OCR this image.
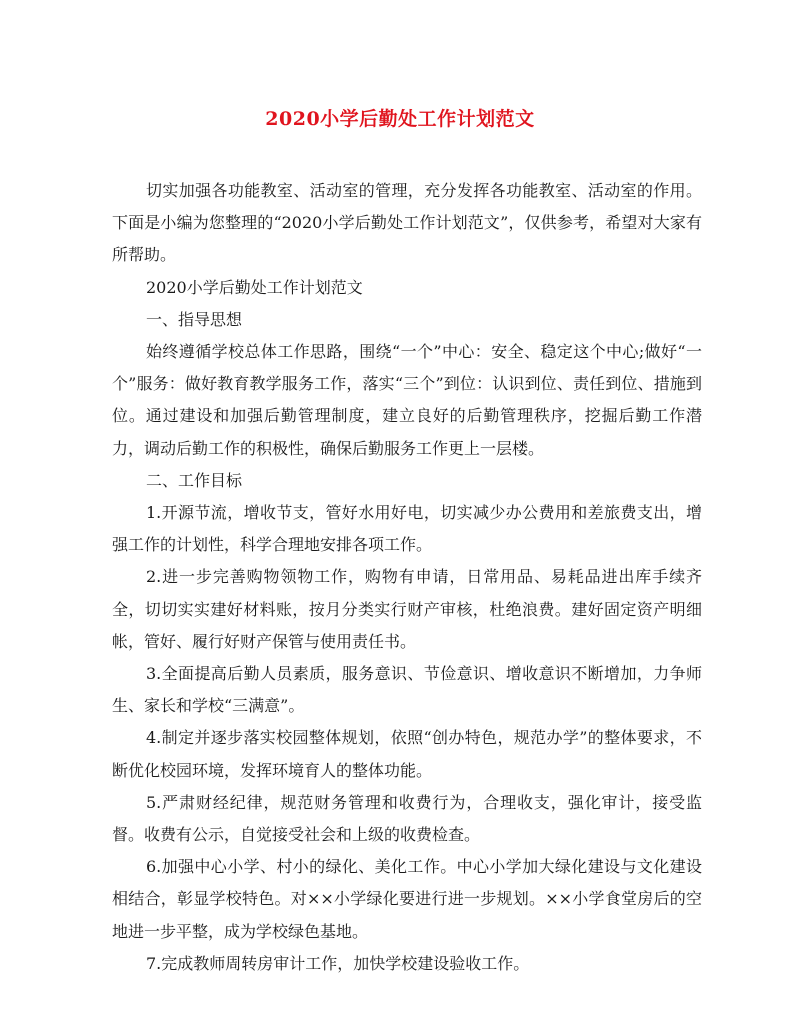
2020小学后勤处工作计划范文

切实加强各功能教室、活动室的管理，充分发挥各功能教室、活动室的作用。下面是小编为您整理的“2020小学后勤处工作计划范文”，仅供参考，希望对大家有所帮助。

2020小学后勤处工作计划范文

一、指导思想

始终遵循学校总体工作思路，围绕“一个”中心：安全、稳定这个中心;做好“一个”服务：做好教育教学服务工作，落实“三个”到位：认识到位、责任到位、措施到位。通过建设和加强后勤管理制度，建立良好的后勤管理秩序，挖掘后勤工作潜力，调动后勤工作的积极性，确保后勤服务工作更上一层楼。

二、工作目标

1.开源节流，增收节支，管好水用好电，切实减少办公费用和差旅费支出，增强工作的计划性，科学合理地安排各项工作。

2.进一步完善购物领物工作，购物有申请，日常用品、易耗品进出库手续齐全，切切实实建好材料账，按月分类实行财产审核，杜绝浪费。建好固定资产明细帐，管好、履行好财产保管与使用责任书。

3.全面提高后勤人员素质，服务意识、节俭意识、增收意识不断增加，力争师生、家长和学校“三满意”。

4.制定并逐步落实校园整体规划，依照“创办特色，规范办学”的整体要求，不断优化校园环境，发挥环境育人的整体功能。

5.严肃财经纪律，规范财务管理和收费行为，合理收支，强化审计，接受监督。收费有公示，自觉接受社会和上级的收费检查。

6.加强中心小学、村小的绿化、美化工作。中心小学加大绿化建设与文化建设相结合，彰显学校特色。对××小学绿化要进行进一步规划。××小学食堂房后的空地进一步平整，成为学校绿色基地。

7.完成教师周转房审计工作，加快学校建设验收工作。
